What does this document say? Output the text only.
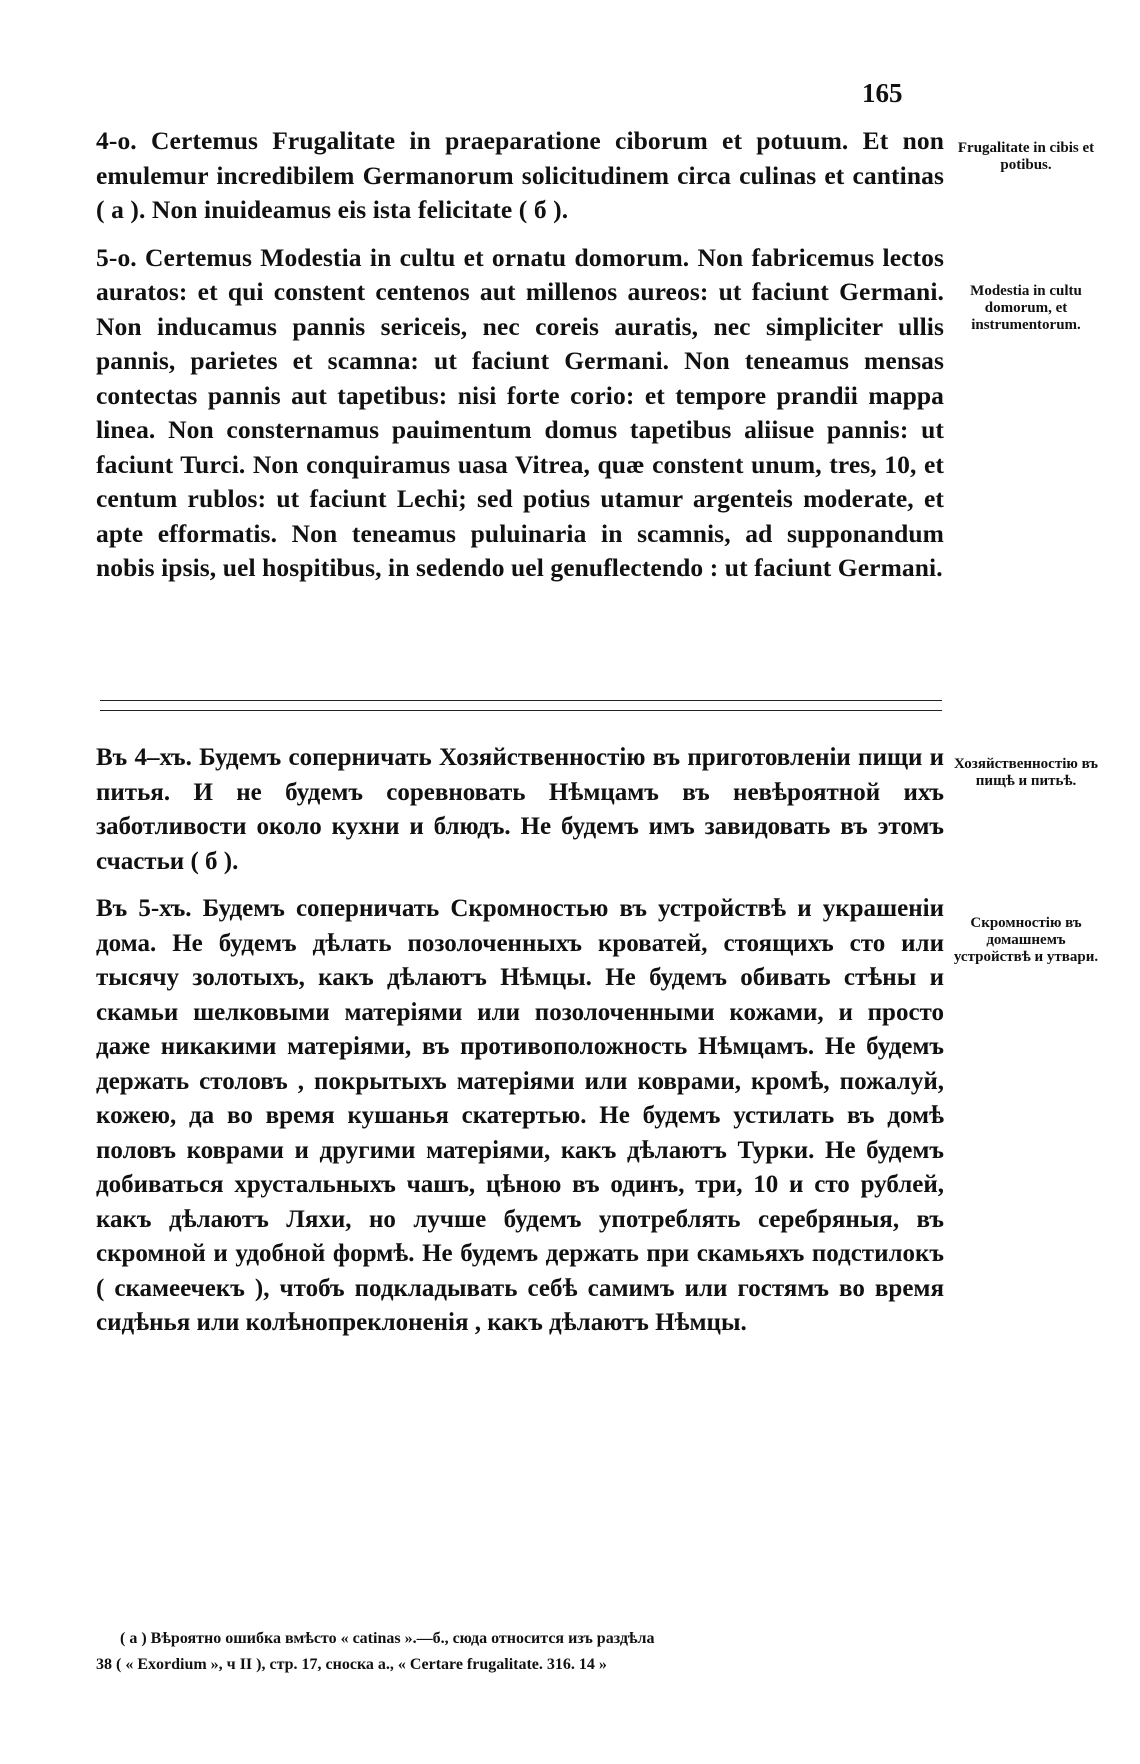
165

4-o. Certemus Frugalitate in praeparatione ciborum et potuum. Et non emulemur incredibilem Germanorum solicitudinem circa culinas et cantinas ( a ). Non inuideamus eis ista felicitate ( б ).

5-o. Certemus Modestia in cultu et ornatu domorum. Non fabricemus lectos auratos: et qui constent centenos aut millenos aureos: ut faciunt Germani. Non inducamus pannis sericeis, nec coreis auratis, nec simpliciter ullis pannis, parietes et scamna: ut faciunt Germani. Non teneamus mensas contectas pannis aut tapetibus: nisi forte corio: et tempore prandii mappa linea. Non consternamus pauimentum domus tapetibus aliisue pannis: ut faciunt Turci. Non conquiramus uasa Vitrea, quæ constent unum, tres, 10, et centum rublos: ut faciunt Lechi; sed potius utamur argenteis moderate, et apte efformatis. Non teneamus puluinaria in scamnis, ad supponandum nobis ipsis, uel hospitibus, in sedendo uel genuflectendo : ut faciunt Germani.

Frugalitate in cibis et potibus.
Modestia in cultu domorum, et instrumentorum.

Въ 4–хъ. Будемъ соперничать Хозяйственностію въ приготовленіи пищи и питья. И не будемъ соревновать Нѣмцамъ въ невѣроятной ихъ заботливости около кухни и блюдъ. Не будемъ имъ завидовать въ этомъ счастьи ( б ).

Въ 5-хъ. Будемъ соперничать Скромностью въ устройствѣ и украшеніи дома. Не будемъ дѣлать позолоченныхъ кроватей, стоящихъ сто или тысячу золотыхъ, какъ дѣлаютъ Нѣмцы. Не будемъ обивать стѣны и скамьи шелковыми матеріями или позолоченными кожами, и просто даже никакими матеріями, въ противоположность Нѣмцамъ. Не будемъ держать столовъ , покрытыхъ матеріями или коврами, кромѣ, пожалуй, кожею, да во время кушанья скатертью. Не будемъ устилать въ домѣ половъ коврами и другими матеріями, какъ дѣлаютъ Турки. Не будемъ добиваться хрустальныхъ чашъ, цѣною въ одинъ, три, 10 и сто рублей, какъ дѣлаютъ Ляхи, но лучше будемъ употреблять серебряныя, въ скромной и удобной формѣ. Не будемъ держать при скамьяхъ подстилокъ ( скамеечекъ ), чтобъ подкладывать себѣ самимъ или гостямъ во время сидѣнья или колѣнопреклоненія , какъ дѣлаютъ Нѣмцы.

Хозяйственностію въ пищѣ и питьѣ.
Скромностію въ домашнемъ устройствѣ и утвари.

( а ) Вѣроятно ошибка вмѣсто « catinas ».—б., сюда относится изъ раздѣла

38 ( « Exordium », ч II ), стр. 17, сноска а., « Certare frugalitate. 316. 14 »
